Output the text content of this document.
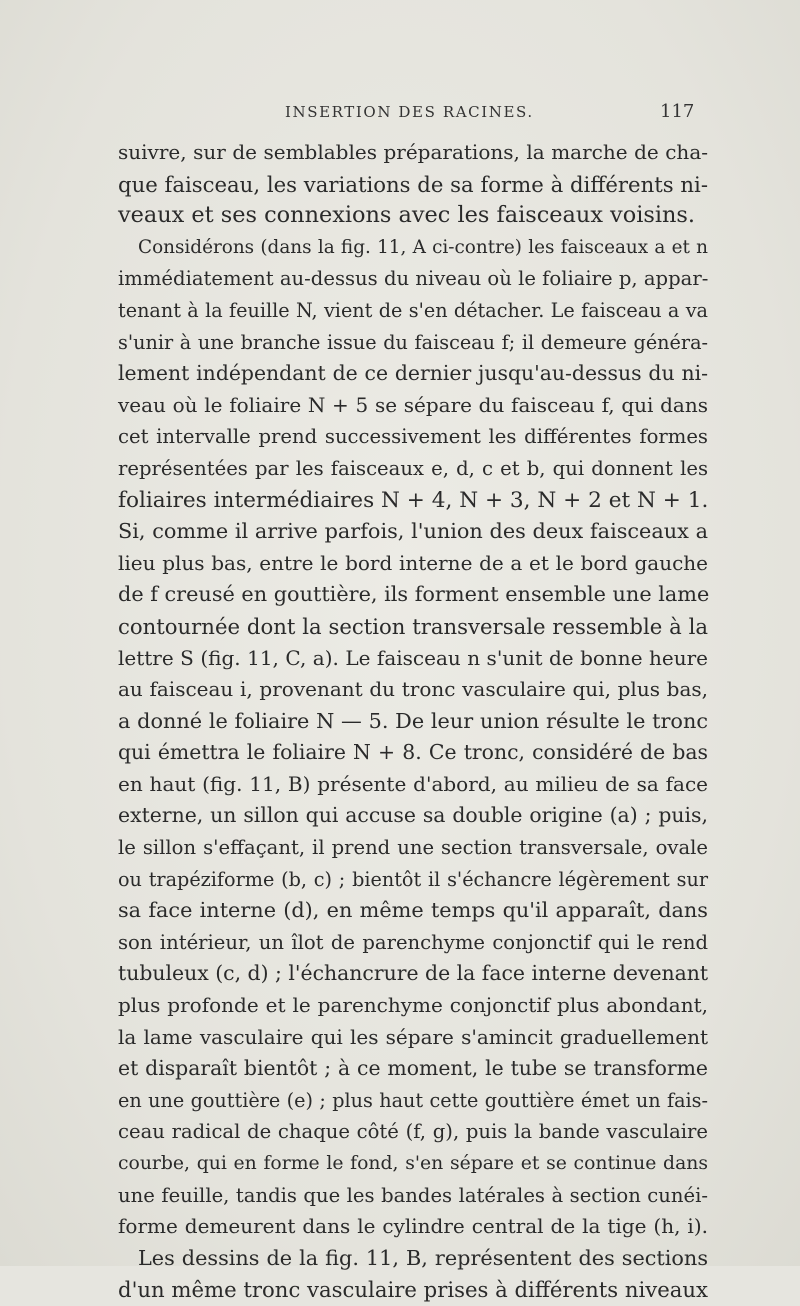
INSERTION DES RACINES.	117
suivre, sur de semblables préparations, la marche de cha-
que faisceau, les variations de sa forme à différents ni-
veaux et ses connexions avec les faisceaux voisins.
Considérons (dans la fig. 11, A ci-contre) les faisceaux a et n
immédiatement au-dessus du niveau où le foliaire p, appar-
tenant à la feuille N, vient de s'en détacher. Le faisceau a va
s'unir à une branche issue du faisceau f; il demeure généra-
lement indépendant de ce dernier jusqu'au-dessus du ni-
veau où le foliaire N + 5 se sépare du faisceau f, qui dans
cet intervalle prend successivement les différentes formes
représentées par les faisceaux e, d, c et b, qui donnent les
foliaires intermédiaires N + 4, N + 3, N + 2 et N + 1.
Si, comme il arrive parfois, l'union des deux faisceaux a
lieu plus bas, entre le bord interne de a et le bord gauche
de f creusé en gouttière, ils forment ensemble une lame
contournée dont la section transversale ressemble à la
lettre S (fig. 11, C, a). Le faisceau n s'unit de bonne heure
au faisceau i, provenant du tronc vasculaire qui, plus bas,
a donné le foliaire N — 5. De leur union résulte le tronc
qui émettra le foliaire N + 8. Ce tronc, considéré de bas
en haut (fig. 11, B) présente d'abord, au milieu de sa face
externe, un sillon qui accuse sa double origine (a) ; puis,
le sillon s'effaçant, il prend une section transversale, ovale
ou trapéziforme (b, c) ; bientôt il s'échancre légèrement sur
sa face interne (d), en même temps qu'il apparaît, dans
son intérieur, un îlot de parenchyme conjonctif qui le rend
tubuleux (c, d) ; l'échancrure de la face interne devenant
plus profonde et le parenchyme conjonctif plus abondant,
la lame vasculaire qui les sépare s'amincit graduellement
et disparaît bientôt ; à ce moment, le tube se transforme
en une gouttière (e) ; plus haut cette gouttière émet un fais-
ceau radical de chaque côté (f, g), puis la bande vasculaire
courbe, qui en forme le fond, s'en sépare et se continue dans
une feuille, tandis que les bandes latérales à section cunéi-
forme demeurent dans le cylindre central de la tige (h, i).
Les dessins de la fig. 11, B, représentent des sections
d'un même tronc vasculaire prises à différents niveaux
